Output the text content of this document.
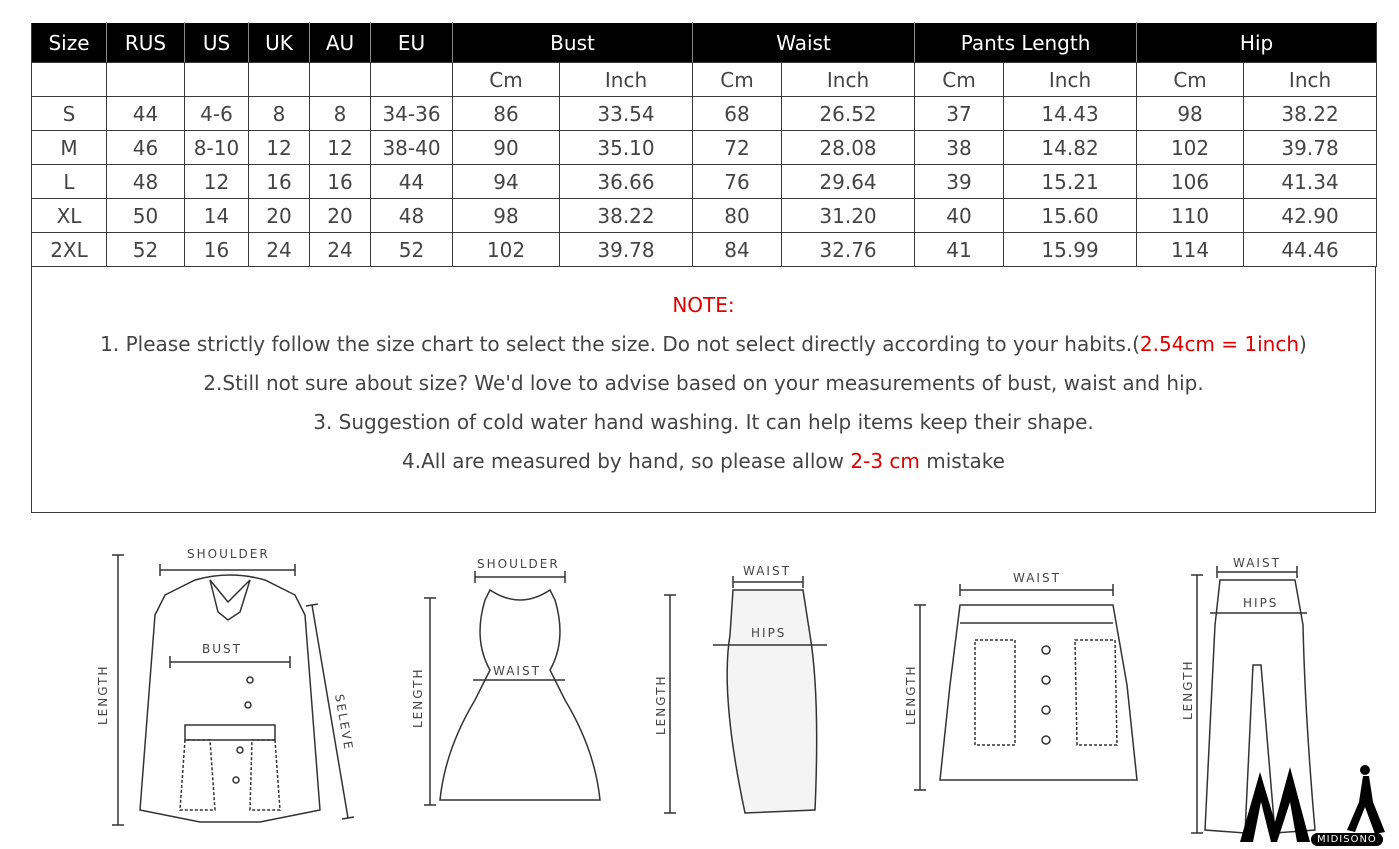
Size	RUS	US	UK	AU	EU	Bust		Waist		Pants Length		Hip	
						Cm	Inch	Cm	Inch	Cm	Inch	Cm	Inch
S	44	4-6	8	8	34-36	86	33.54	68	26.52	37	14.43	98	38.22
M	46	8-10	12	12	38-40	90	35.10	72	28.08	38	14.82	102	39.78
L	48	12	16	16	44	94	36.66	76	29.64	39	15.21	106	41.34
XL	50	14	20	20	48	98	38.22	80	31.20	40	15.60	110	42.90
2XL	52	16	24	24	52	102	39.78	84	32.76	41	15.99	114	44.46
NOTE:
1. Please strictly follow the size chart to select the size. Do not select directly according to your habits.(2.54cm = 1inch)
2.Still not sure about size? We'd love to advise based on your measurements of bust, waist and hip.
3. Suggestion of cold water hand washing. It can help items keep their shape.
4.All are measured by hand, so please allow 2-3 cm mistake
SHOULDER
BUST
LENGTH	SELEVE
SHOULDER
WAIST
LENGTH
WAIST
HIPS
LENGTH
WAIST
LENGTH
WAIST
HIPS
LENGTH
MIDISONO
